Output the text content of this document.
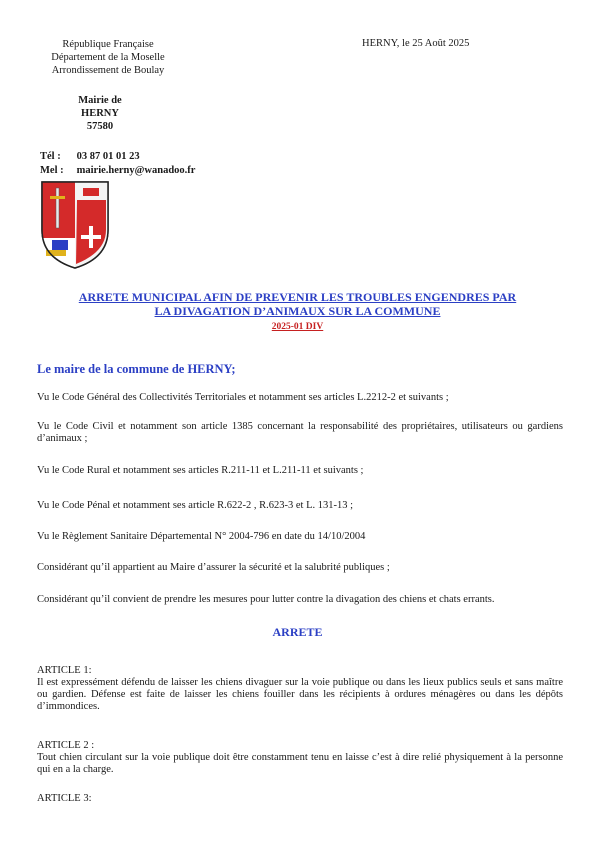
République Française
Département de la Moselle
Arrondissement de Boulay
HERNY, le 25 Août 2025
Mairie de
HERNY
57580
Tél : 03 87 01 01 23
Mel : mairie.herny@wanadoo.fr
ARRETE MUNICIPAL AFIN DE PREVENIR LES TROUBLES ENGENDRES PAR
LA DIVAGATION D’ANIMAUX SUR LA COMMUNE
2025-01 DIV
Le maire de la commune de HERNY;
Vu le Code Général des Collectivités Territoriales et notamment ses articles L.2212-2 et suivants ;
Vu le Code Civil et notamment son article 1385 concernant la responsabilité des propriétaires, utilisateurs ou gardiens d’animaux ;
Vu le Code Rural et notamment ses articles R.211-11 et L.211-11 et suivants ;
Vu le Code Pénal et notamment ses article R.622-2 , R.623-3 et L. 131-13 ;
Vu le Règlement Sanitaire Départemental N° 2004-796 en date du 14/10/2004
Considérant qu’il appartient au Maire d’assurer la sécurité et la salubrité publiques ;
Considérant qu’il convient de prendre les mesures pour lutter contre la divagation des chiens et chats errants.
ARRETE
ARTICLE 1:
Il est expressément défendu de laisser les chiens divaguer sur la voie publique ou dans les lieux publics seuls et sans maître ou gardien. Défense est faite de laisser les chiens fouiller dans les récipients à ordures ménagères ou dans les dépôts d’immondices.
ARTICLE 2 :
Tout chien circulant sur la voie publique doit être constamment tenu en laisse c’est à dire relié physiquement à la personne qui en a la charge.
ARTICLE 3:
